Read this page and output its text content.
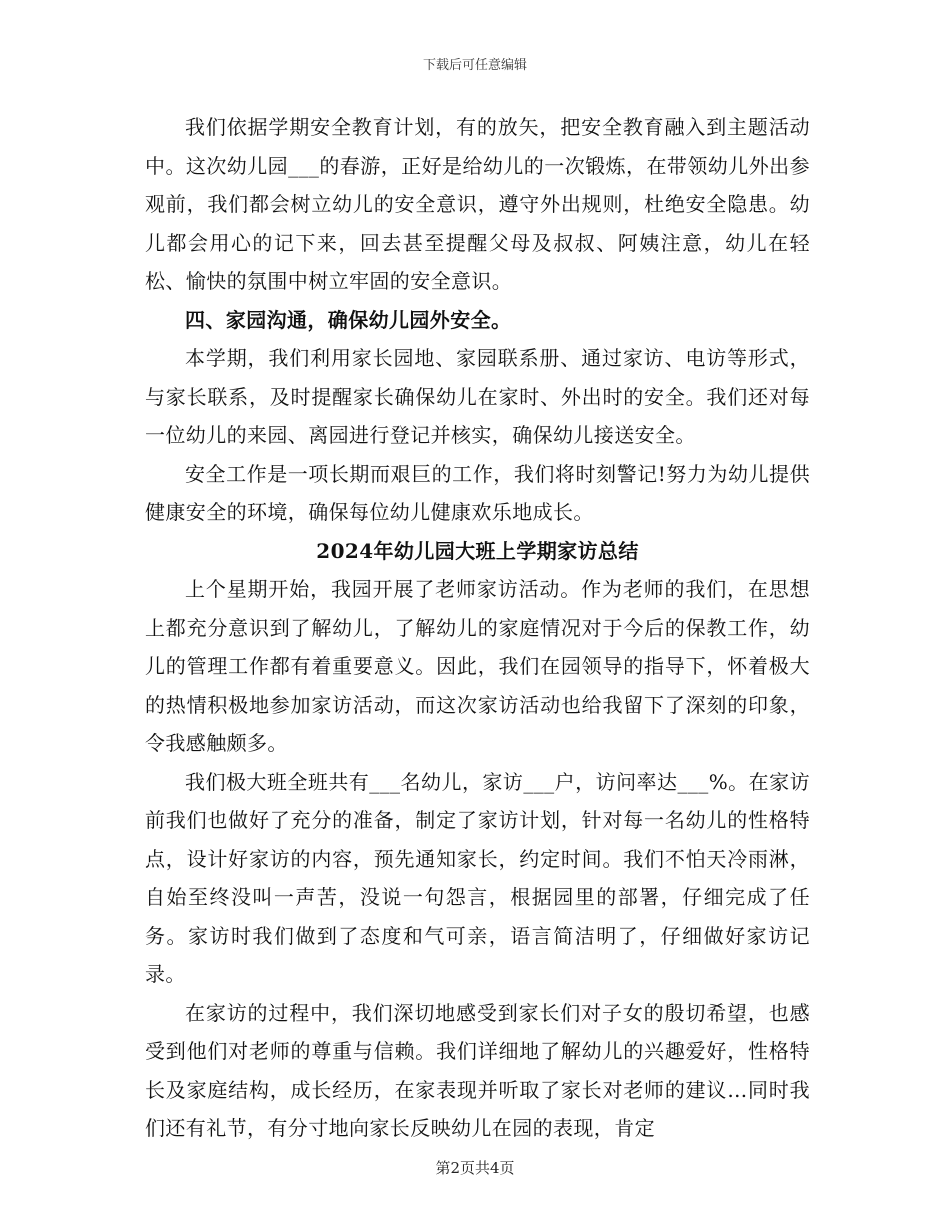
下载后可任意编辑

我们依据学期安全教育计划，有的放矢，把安全教育融入到主题活动中。这次幼儿园___的春游，正好是给幼儿的一次锻炼，在带领幼儿外出参观前，我们都会树立幼儿的安全意识，遵守外出规则，杜绝安全隐患。幼儿都会用心的记下来，回去甚至提醒父母及叔叔、阿姨注意，幼儿在轻松、愉快的氛围中树立牢固的安全意识。

四、家园沟通，确保幼儿园外安全。

本学期，我们利用家长园地、家园联系册、通过家访、电访等形式，与家长联系，及时提醒家长确保幼儿在家时、外出时的安全。我们还对每一位幼儿的来园、离园进行登记并核实，确保幼儿接送安全。

安全工作是一项长期而艰巨的工作，我们将时刻警记!努力为幼儿提供健康安全的环境，确保每位幼儿健康欢乐地成长。

2024年幼儿园大班上学期家访总结

上个星期开始，我园开展了老师家访活动。作为老师的我们，在思想上都充分意识到了解幼儿，了解幼儿的家庭情况对于今后的保教工作，幼儿的管理工作都有着重要意义。因此，我们在园领导的指导下，怀着极大的热情积极地参加家访活动，而这次家访活动也给我留下了深刻的印象，令我感触颇多。

我们极大班全班共有___名幼儿，家访___户，访问率达___%。在家访前我们也做好了充分的准备，制定了家访计划，针对每一名幼儿的性格特点，设计好家访的内容，预先通知家长，约定时间。我们不怕天冷雨淋，自始至终没叫一声苦，没说一句怨言，根据园里的部署，仔细完成了任务。家访时我们做到了态度和气可亲，语言简洁明了，仔细做好家访记录。

在家访的过程中，我们深切地感受到家长们对子女的殷切希望，也感受到他们对老师的尊重与信赖。我们详细地了解幼儿的兴趣爱好，性格特长及家庭结构，成长经历，在家表现并听取了家长对老师的建议…同时我们还有礼节，有分寸地向家长反映幼儿在园的表现，肯定

第2页共4页
